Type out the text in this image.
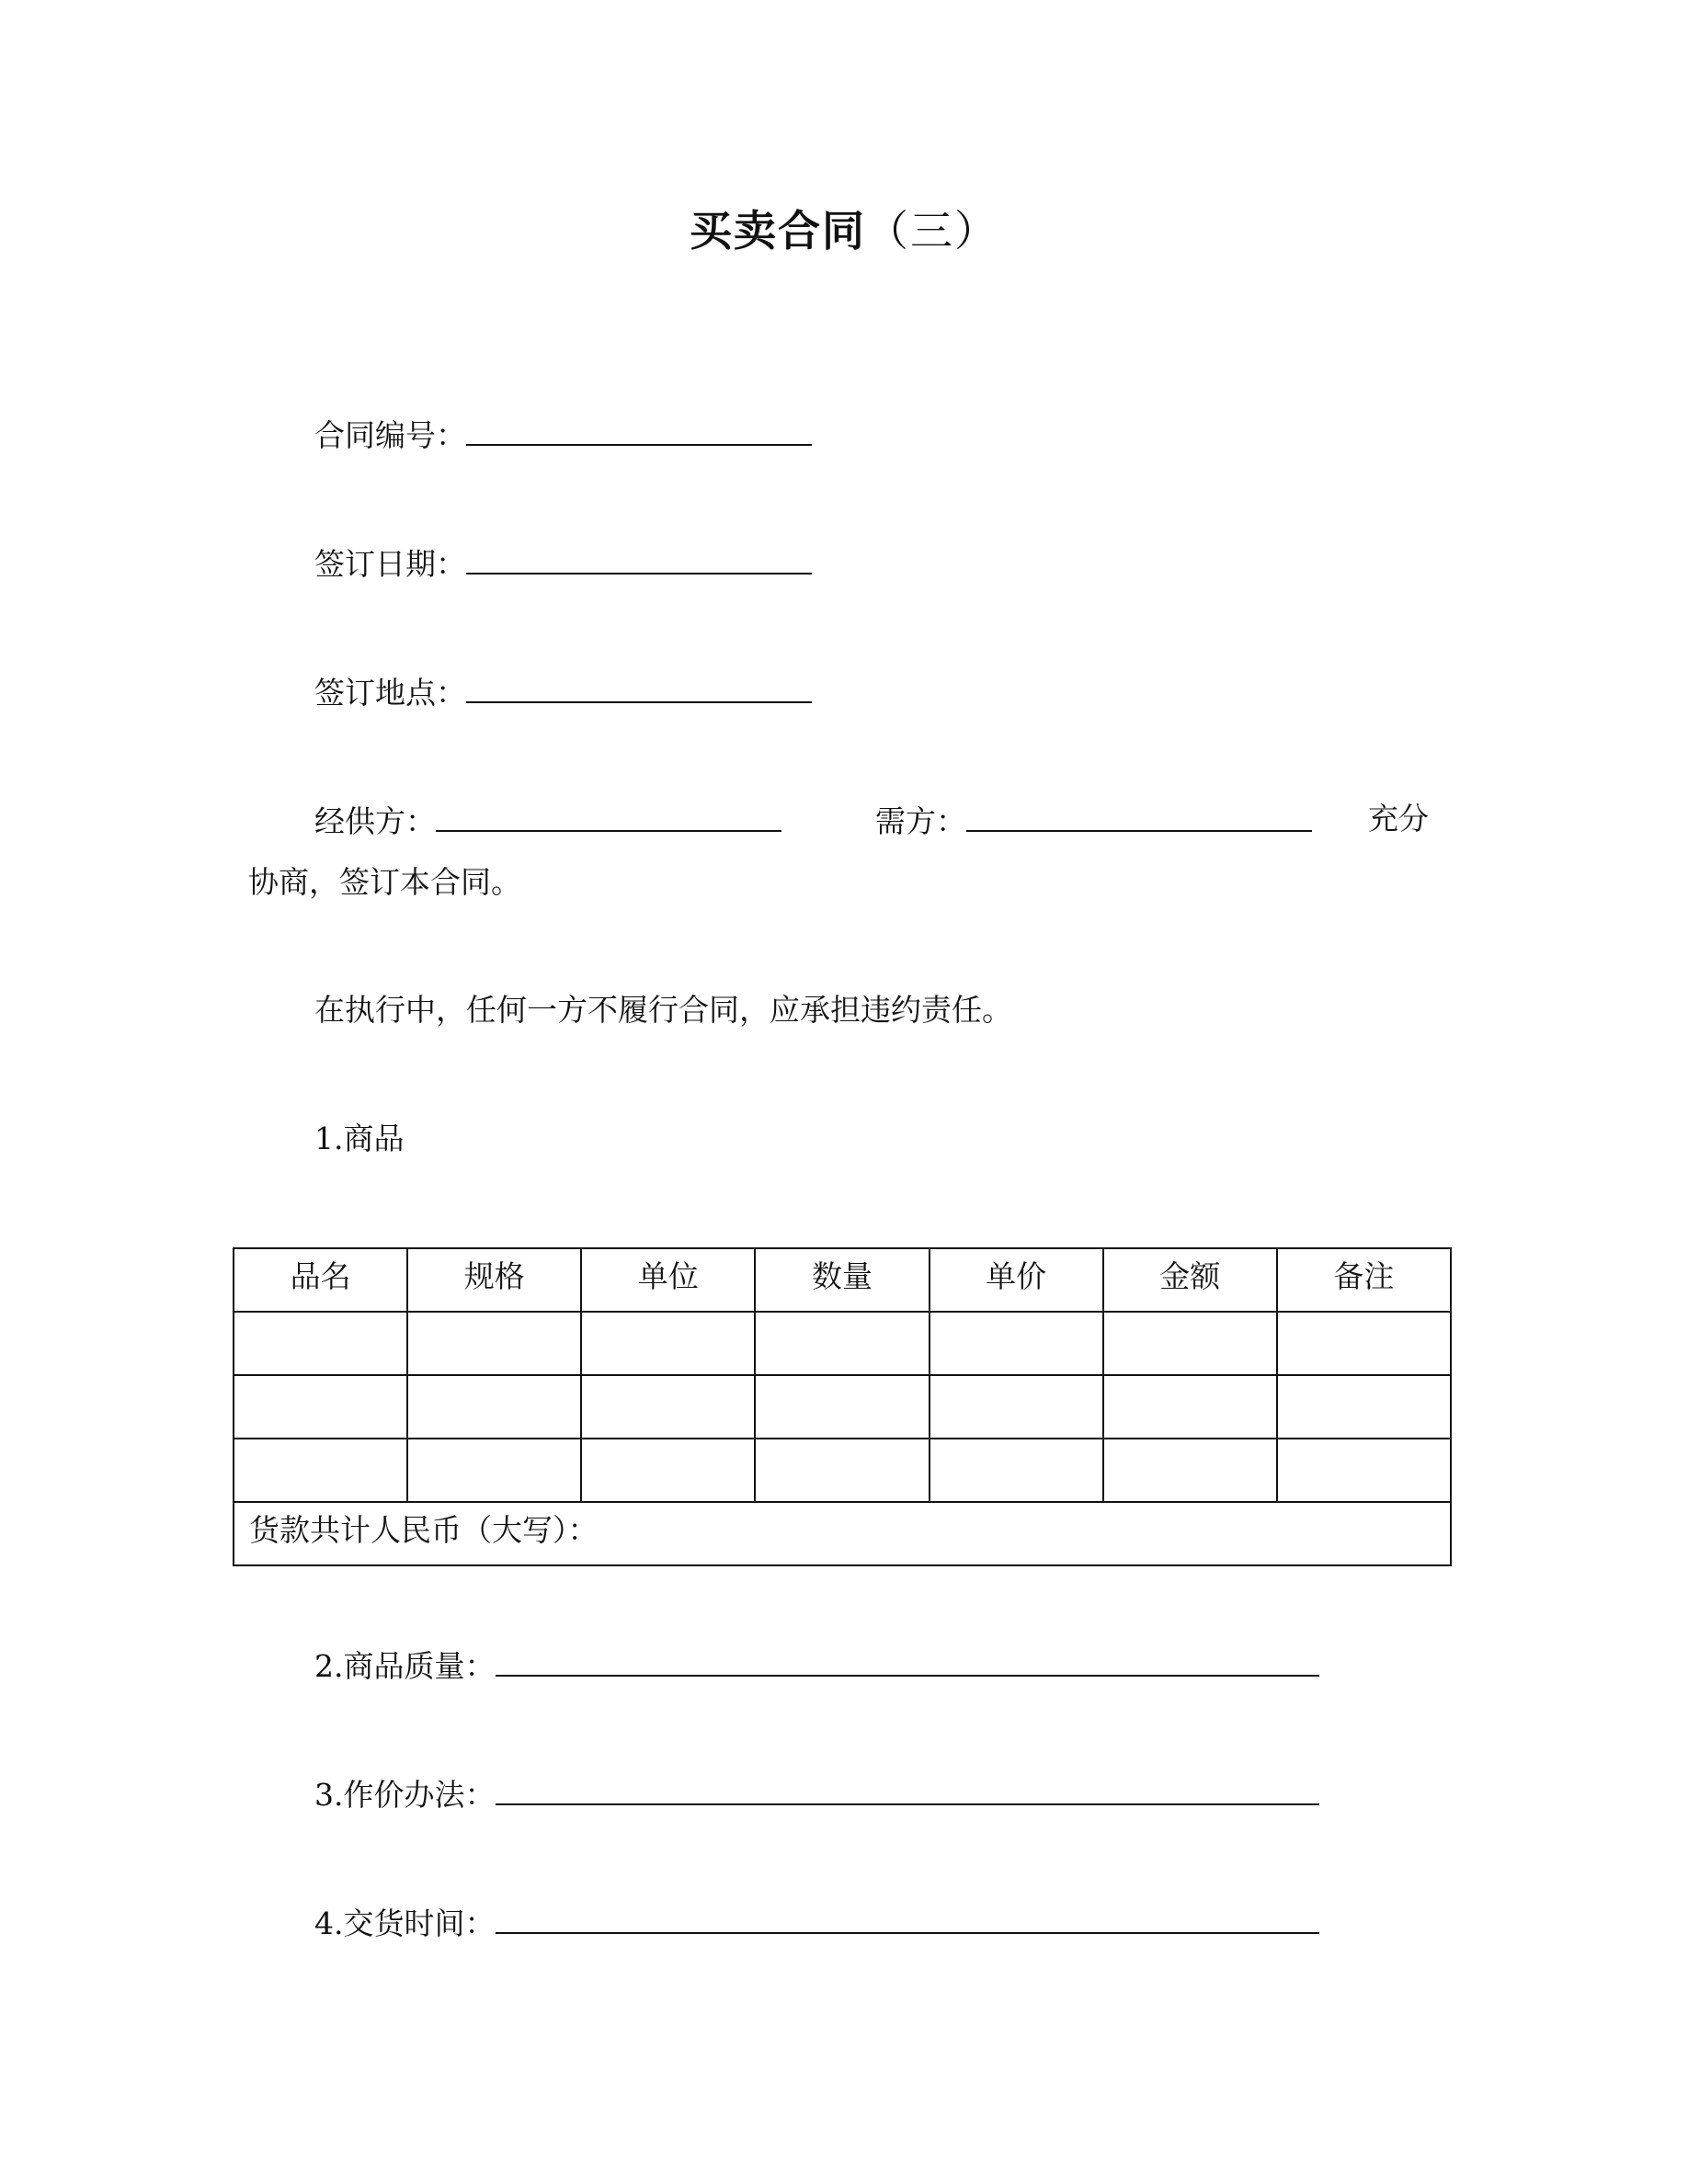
买卖合同（三）
合同编号：
签订日期：
签订地点：
经供方：	需方：	充分
协商，签订本合同。
在执行中，任何一方不履行合同，应承担违约责任。
1.商品
品名	规格	单位	数量	单价	金额	备注

货款共计人民币（大写）：						
2.商品质量：
3.作价办法：
4.交货时间：
